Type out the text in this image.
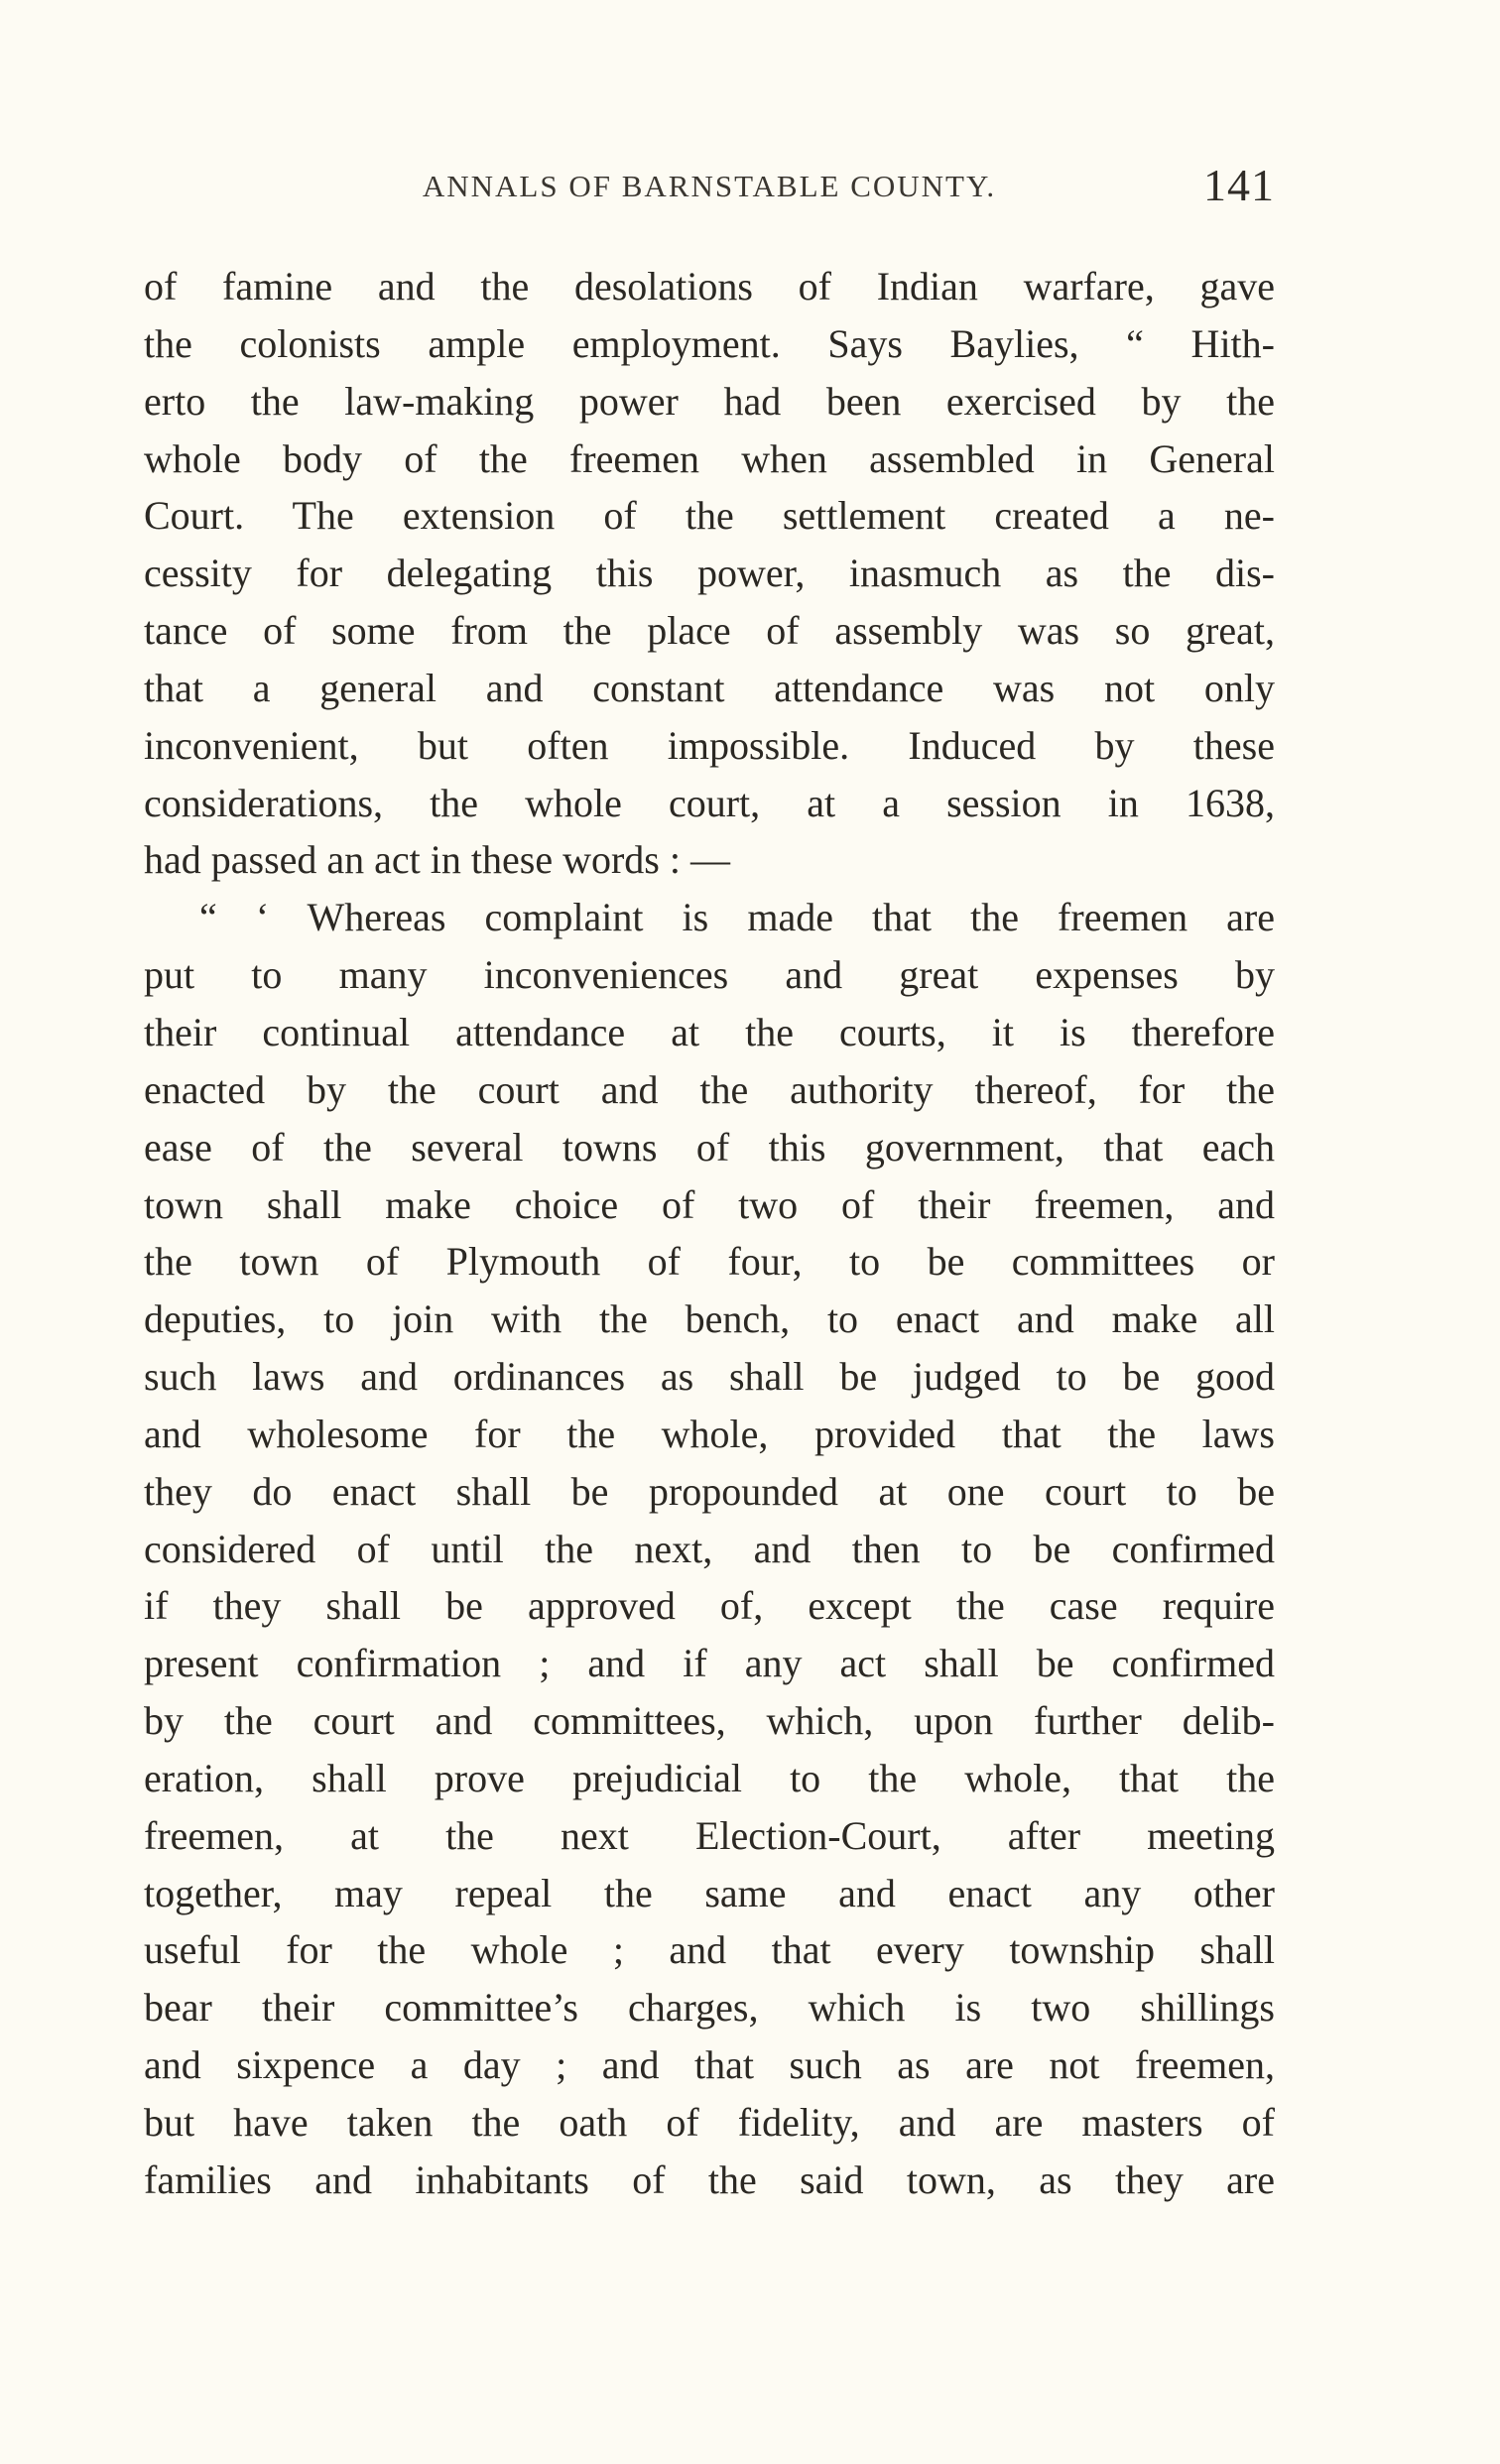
ANNALS OF BARNSTABLE COUNTY.	141
of famine and the desolations of Indian warfare, gave
the colonists ample employment. Says Baylies, “ Hith-
erto the law-making power had been exercised by the
whole body of the freemen when assembled in General
Court. The extension of the settlement created a ne-
cessity for delegating this power, inasmuch as the dis-
tance of some from the place of assembly was so great,
that a general and constant attendance was not only
inconvenient, but often impossible. Induced by these
considerations, the whole court, at a session in 1638,
had passed an act in these words : —
“ ‘ Whereas complaint is made that the freemen are
put to many inconveniences and great expenses by
their continual attendance at the courts, it is therefore
enacted by the court and the authority thereof, for the
ease of the several towns of this government, that each
town shall make choice of two of their freemen, and
the town of Plymouth of four, to be committees or
deputies, to join with the bench, to enact and make all
such laws and ordinances as shall be judged to be good
and wholesome for the whole, provided that the laws
they do enact shall be propounded at one court to be
considered of until the next, and then to be confirmed
if they shall be approved of, except the case require
present confirmation ; and if any act shall be confirmed
by the court and committees, which, upon further delib-
eration, shall prove prejudicial to the whole, that the
freemen, at the next Election-Court, after meeting
together, may repeal the same and enact any other
useful for the whole ; and that every township shall
bear their committee’s charges, which is two shillings
and sixpence a day ; and that such as are not freemen,
but have taken the oath of fidelity, and are masters of
families and inhabitants of the said town, as they are
